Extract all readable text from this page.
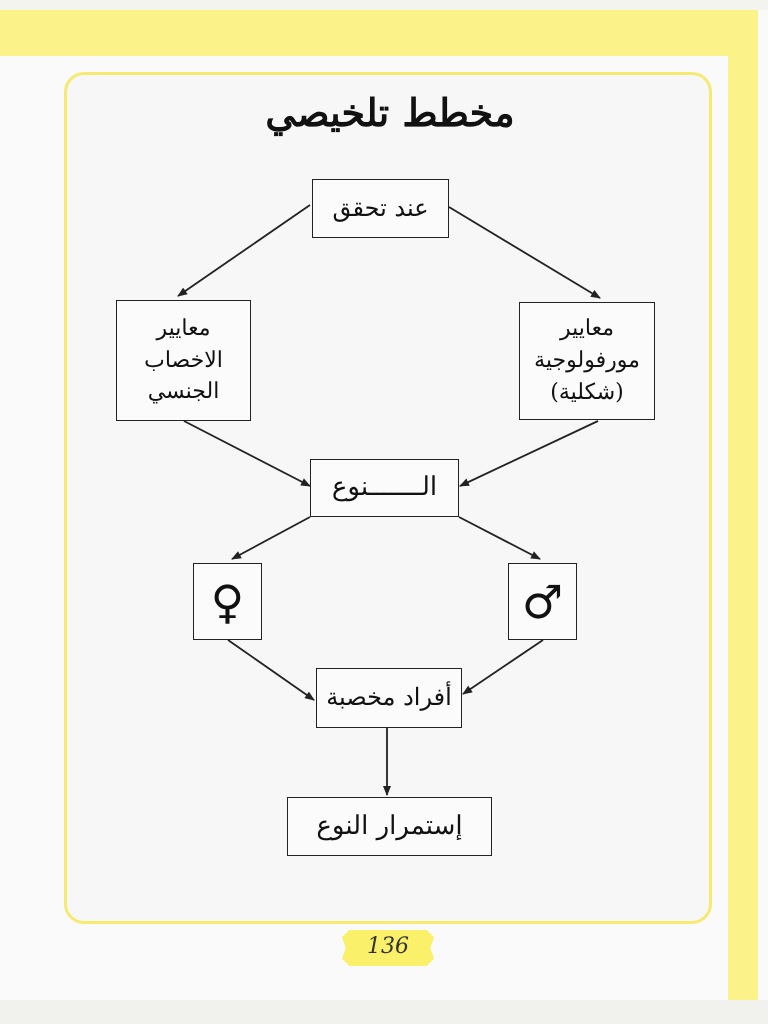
مخطط تلخيصي
عند تحقق
معايير
الاخصاب
الجنسي
معايير
مورفولوجية
(شكلية)
الـــــــنوع
♀	♂
أفراد مخصبة
إستمرار النوع
136
